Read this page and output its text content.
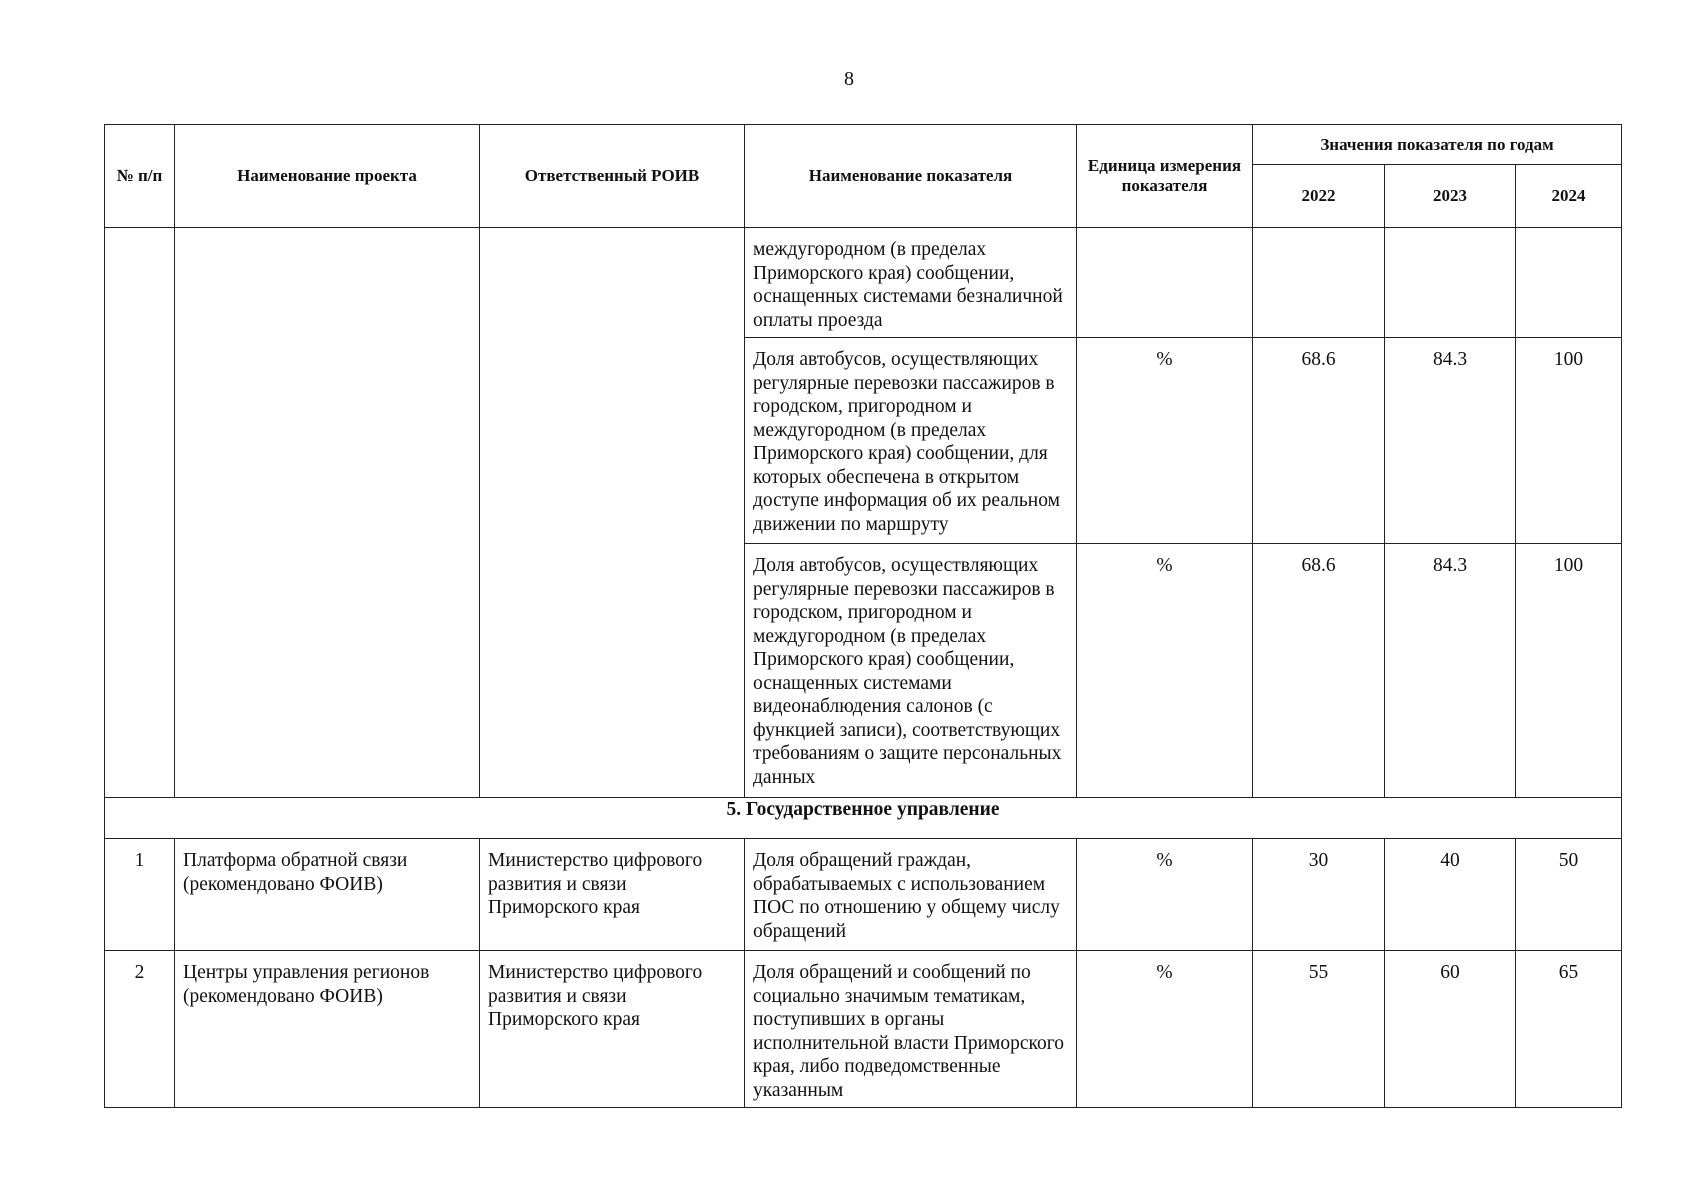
8
№ п/п	Наименование проекта	Ответственный РОИВ	Наименование показателя	Единица измерения показателя	Значения показателя по годам		
					2022	2023	2024
			междугородном (в пределах Приморского края) сообщении, оснащенных системами безналичной оплаты проезда				
			Доля автобусов, осуществляющих регулярные перевозки пассажиров в городском, пригородном и междугородном (в пределах Приморского края) сообщении, для которых обеспечена в открытом доступе информация об их реальном движении по маршруту	%	68.6	84.3	100
			Доля автобусов, осуществляющих регулярные перевозки пассажиров в городском, пригородном и междугородном (в пределах Приморского края) сообщении, оснащенных системами видеонаблюдения салонов (с функцией записи), соответствующих требованиям о защите персональных данных	%	68.6	84.3	100
5. Государственное управление							
1	Платформа обратной связи (рекомендовано ФОИВ)	Министерство цифрового развития и связи Приморского края	Доля обращений граждан, обрабатываемых с использованием ПОС по отношению у общему числу обращений	%	30	40	50
2	Центры управления регионов (рекомендовано ФОИВ)	Министерство цифрового развития и связи Приморского края	Доля обращений и сообщений по социально значимым тематикам, поступивших в органы исполнительной власти Приморского края, либо подведомственные указанным	%	55	60	65
